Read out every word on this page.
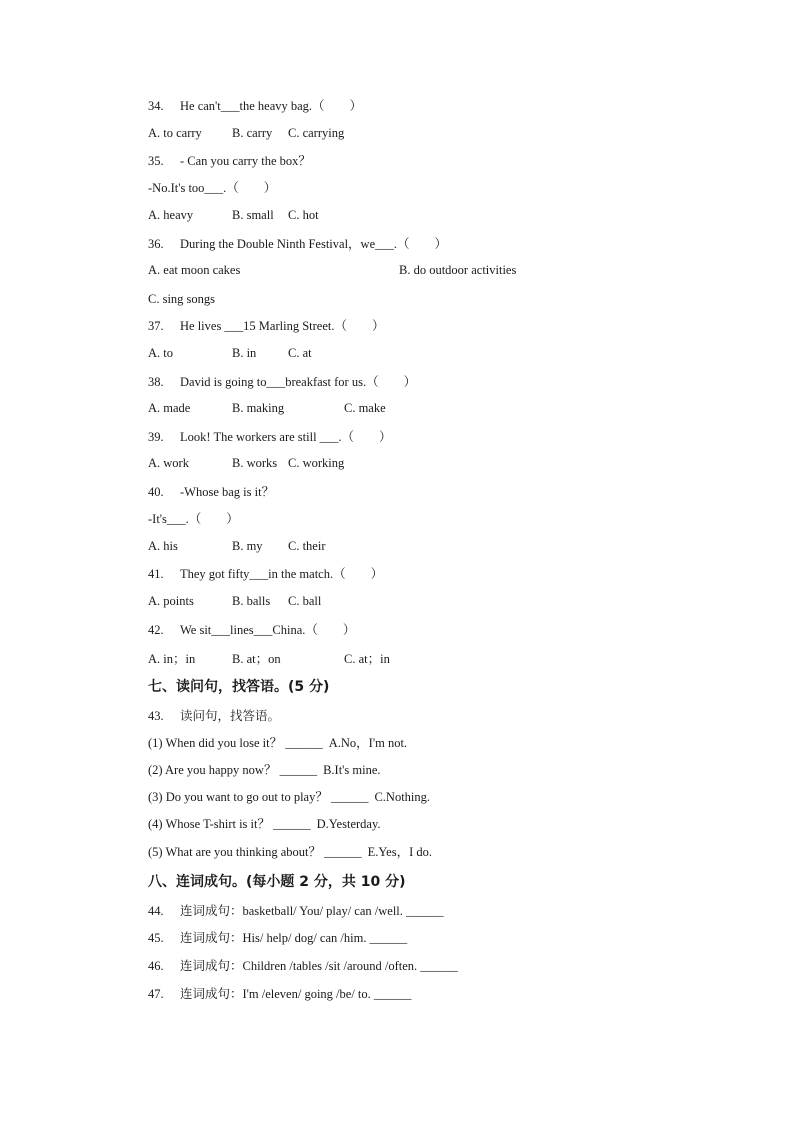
34. He can't___the heavy bag.（　　）
A. to carry B. carry C. carrying
35. - Can you carry the box？
-No.It's too___.（　　）
A. heavy	B. small C. hot
36. During the Double Ninth Festival，we___.（　　）
A. eat moon cakes	B. do outdoor activities
C. sing songs
37. He lives ___15 Marling Street.（　　）
A. to	B. in	C. at
38. David is going to___breakfast for us.（　　）
A. made	B. making	C. make
39. Look! The workers are still ___.（　　）
A. work	B. works C. working
40. -Whose bag is it？
-It's___.（　　）
A. his	B. my C. their
41. They got fifty___in the match.（　　）
A. points	B. balls C. ball
42. We sit___lines___China.（　　）
A. in；in	B. at；on	C. at；in
七、读问句，找答语。(5 分)
43. 读问句，找答语。
(1) When did you lose it？ ______ A.No，I'm not.
(2) Are you happy now？ ______ B.It's mine.
(3) Do you want to go out to play？ ______ C.Nothing.
(4) Whose T-shirt is it？ ______ D.Yesterday.
(5) What are you thinking about？ ______ E.Yes，I do.
八、连词成句。(每小题 2 分，共 10 分)
44. 连词成句：basketball/ You/ play/ can /well. ______
45. 连词成句：His/ help/ dog/ can /him. ______
46. 连词成句：Children /tables /sit /around /often. ______
47. 连词成句：I'm /eleven/ going /be/ to. ______
